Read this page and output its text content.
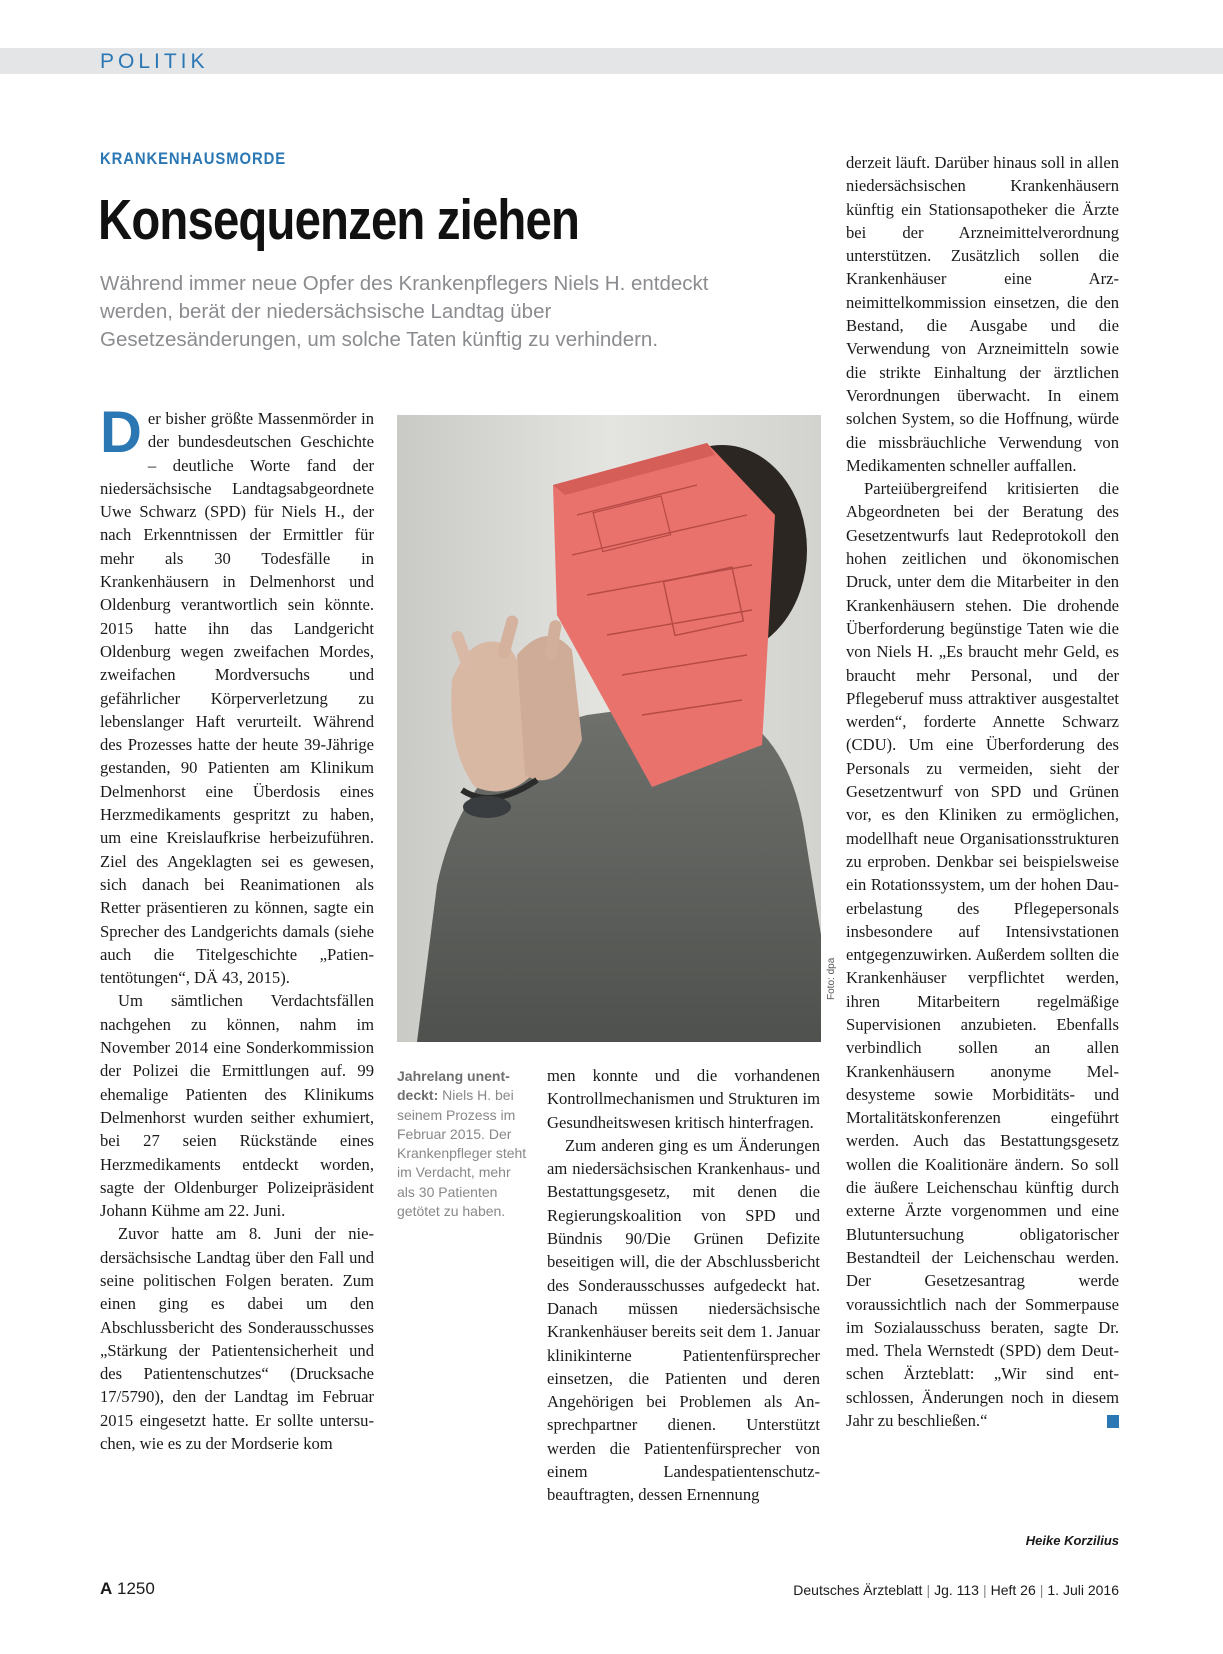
POLITIK
KRANKENHAUSMORDE
Konsequenzen ziehen
Während immer neue Opfer des Krankenpflegers Niels H. entdeckt werden, berät der niedersächsische Landtag über Gesetzesänderungen, um solche Taten künftig zu verhindern.

Der bisher größte Massenmörder in der bundesdeutschen Geschichte – deutliche Worte fand der niedersächsische Landtagsabgeordnete Uwe Schwarz (SPD) für Niels H., der nach Erkenntnissen der Ermittler für mehr als 30 Todesfälle in Krankenhäusern in Delmenhorst und Oldenburg verantwortlich sein könnte. 2015 hatte ihn das Landgericht Oldenburg wegen zweifachen Mordes, zweifachen Mordversuchs und gefährlicher Körperverletzung zu lebenslanger Haft verurteilt. Während des Prozesses hatte der heute 39-Jährige gestanden, 90 Patienten am Klinikum Delmenhorst eine Überdosis eines Herzmedikaments gespritzt zu haben, um eine Kreislaufkrise herbeizuführen. Ziel des Angeklagten sei es gewesen, sich danach bei Reanimationen als Retter präsentieren zu können, sagte ein Sprecher des Landgerichts damals (siehe auch die Titelgeschichte „Patiententötungen“, DÄ 43, 2015).

Um sämtlichen Verdachtsfällen nachgehen zu können, nahm im November 2014 eine Sonderkommission der Polizei die Ermittlungen auf. 99 ehemalige Patienten des Klinikums Delmenhorst wurden seither exhumiert, bei 27 seien Rückstände eines Herzmedikaments entdeckt worden, sagte der Oldenburger Polizeipräsident Johann Kühme am 22. Juni.

Zuvor hatte am 8. Juni der niedersächsische Landtag über den Fall und seine politischen Folgen beraten. Zum einen ging es dabei um den Abschlussbericht des Sonderausschusses „Stärkung der Patientensicherheit und des Patientenschutzes“ (Drucksache 17/5790), den der Landtag im Februar 2015 eingesetzt hatte. Er sollte untersuchen, wie es zu der Mordserie kom

Foto: dpa
Jahrelang unentdeckt: Niels H. bei seinem Prozess im Februar 2015. Der Krankenpfleger steht im Verdacht, mehr als 30 Patienten getötet zu haben.

men konnte und die vorhandenen Kontrollmechanismen und Strukturen im Gesundheitswesen kritisch hinterfragen.

Zum anderen ging es um Änderungen am niedersächsischen Krankenhaus- und Bestattungsgesetz, mit denen die Regierungskoalition von SPD und Bündnis 90/Die Grünen Defizite beseitigen will, die der Abschlussbericht des Sonderausschusses aufgedeckt hat. Danach müssen niedersächsische Krankenhäuser bereits seit dem 1. Januar klinikinterne Patientenfürsprecher einsetzen, die Patienten und deren Angehörigen bei Problemen als Ansprechpartner dienen. Unterstützt werden die Patientenfürsprecher von einem Landespatientenschutzbeauftragten, dessen Ernennung

derzeit läuft. Darüber hinaus soll in allen niedersächsischen Krankenhäusern künftig ein Stationsapotheker die Ärzte bei der Arzneimittelverordnung unterstützen. Zusätzlich sollen die Krankenhäuser eine Arzneimittelkommission einsetzen, die den Bestand, die Ausgabe und die Verwendung von Arzneimitteln sowie die strikte Einhaltung der ärztlichen Verordnungen überwacht. In einem solchen System, so die Hoffnung, würde die missbräuchliche Verwendung von Medikamenten schneller auffallen.

Parteiübergreifend kritisierten die Abgeordneten bei der Beratung des Gesetzentwurfs laut Redeprotokoll den hohen zeitlichen und ökonomischen Druck, unter dem die Mitarbeiter in den Krankenhäusern stehen. Die drohende Überforderung begünstige Taten wie die von Niels H. „Es braucht mehr Geld, es braucht mehr Personal, und der Pflegeberuf muss attraktiver ausgestaltet werden“, forderte Annette Schwarz (CDU). Um eine Überforderung des Personals zu vermeiden, sieht der Gesetzentwurf von SPD und Grünen vor, es den Kliniken zu ermöglichen, modellhaft neue Organisationsstrukturen zu erproben. Denkbar sei beispielsweise ein Rotationssystem, um der hohen Dauerbelastung des Pflegepersonals insbesondere auf Intensivstationen entgegenzuwirken. Außerdem sollten die Krankenhäuser verpflichtet werden, ihren Mitarbeitern regelmäßige Supervisionen anzubieten. Ebenfalls verbindlich sollen an allen Krankenhäusern anonyme Meldesysteme sowie Morbiditäts- und Mortalitätskonferenzen eingeführt werden. Auch das Bestattungsgesetz wollen die Koalitionäre ändern. So soll die äußere Leichenschau künftig durch externe Ärzte vorgenommen und eine Blutuntersuchung obligatorischer Bestandteil der Leichenschau werden. Der Gesetzesantrag werde voraussichtlich nach der Sommerpause im Sozialausschuss beraten, sagte Dr. med. Thela Wernstedt (SPD) dem Deutschen Ärzteblatt: „Wir sind entschlossen, Änderungen noch in diesem Jahr zu beschließen.“

Heike Korzilius
A 1250	Deutsches Ärzteblatt | Jg. 113 | Heft 26 | 1. Juli 2016
